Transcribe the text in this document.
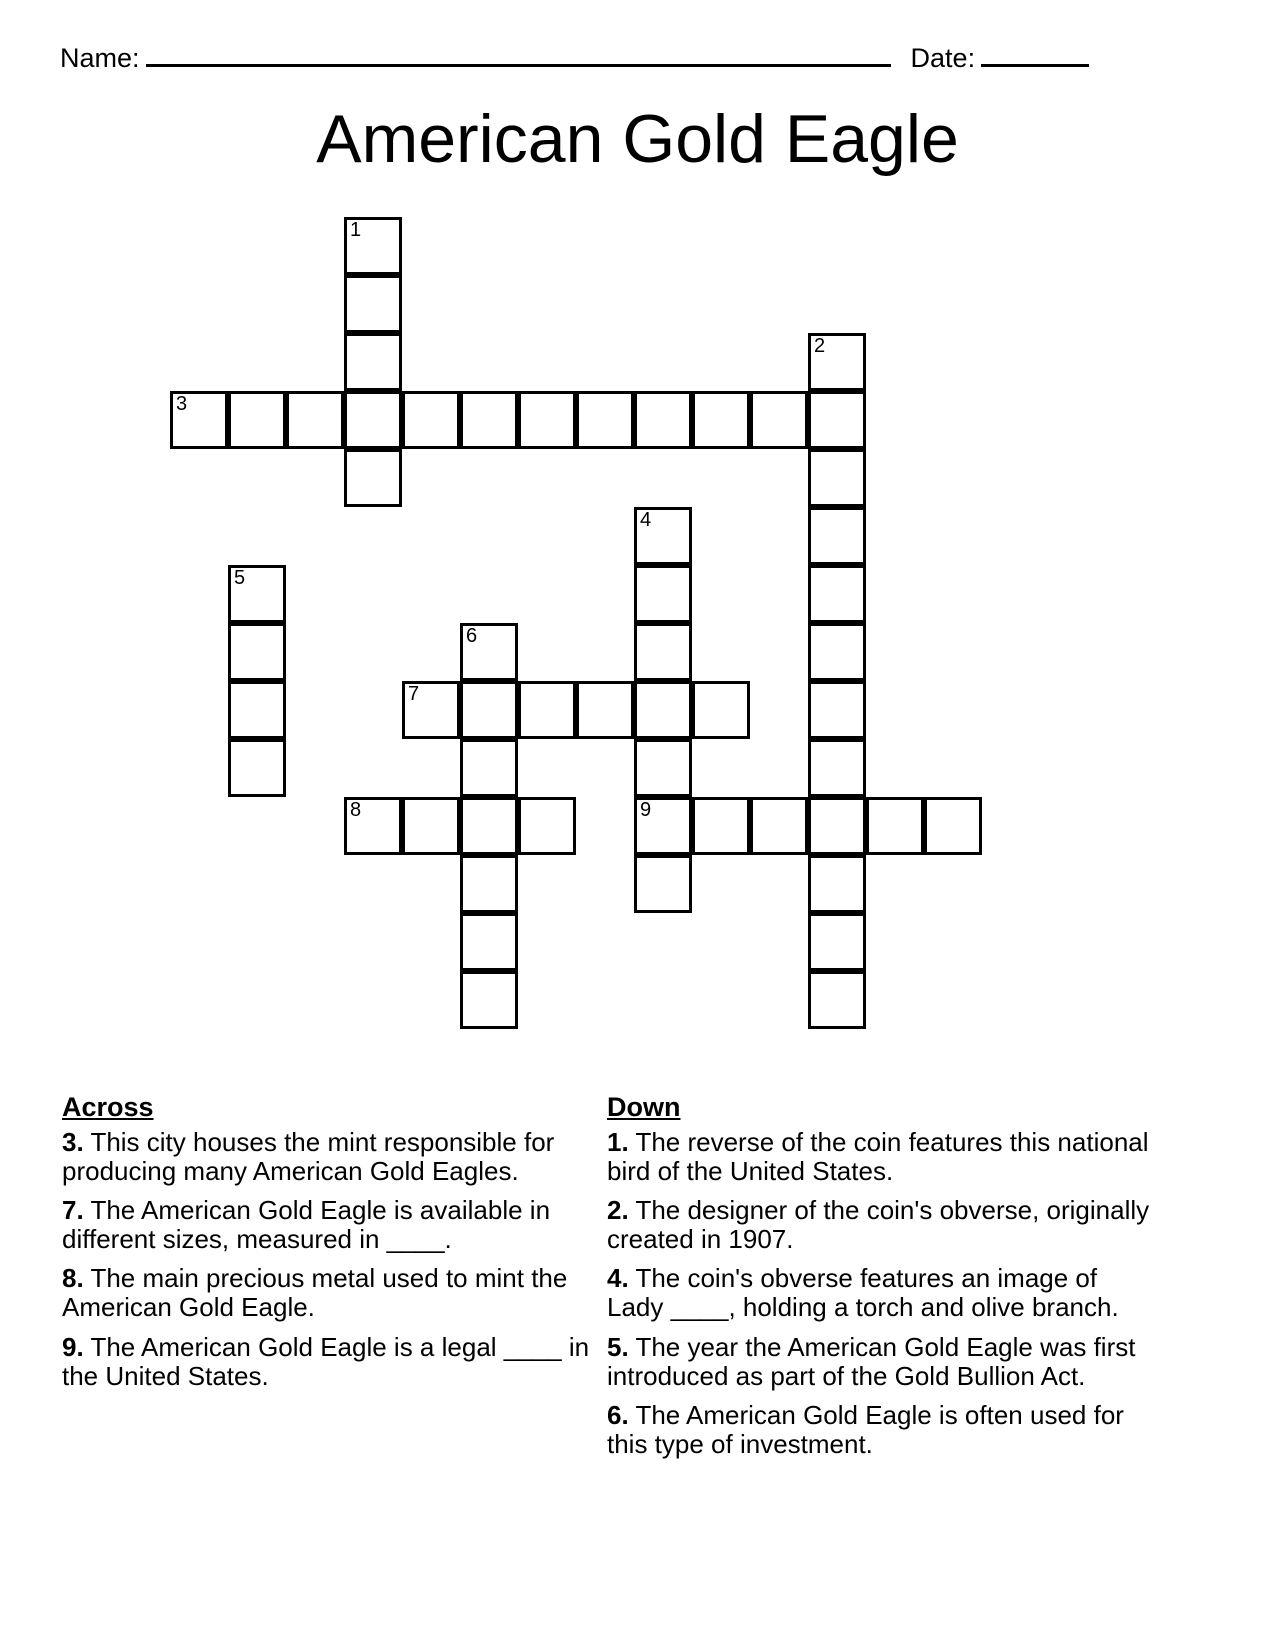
Name:	Date:
American Gold Eagle
1
2
3
4
5
6
7
8	9
Across

3. This city houses the mint responsible for producing many American Gold Eagles.

7. The American Gold Eagle is available in different sizes, measured in ____.

8. The main precious metal used to mint the American Gold Eagle.

9. The American Gold Eagle is a legal ____ in the United States.

Down

1. The reverse of the coin features this national bird of the United States.

2. The designer of the coin's obverse, originally created in 1907.

4. The coin's obverse features an image of Lady ____, holding a torch and olive branch.

5. The year the American Gold Eagle was first introduced as part of the Gold Bullion Act.

6. The American Gold Eagle is often used for this type of investment.
